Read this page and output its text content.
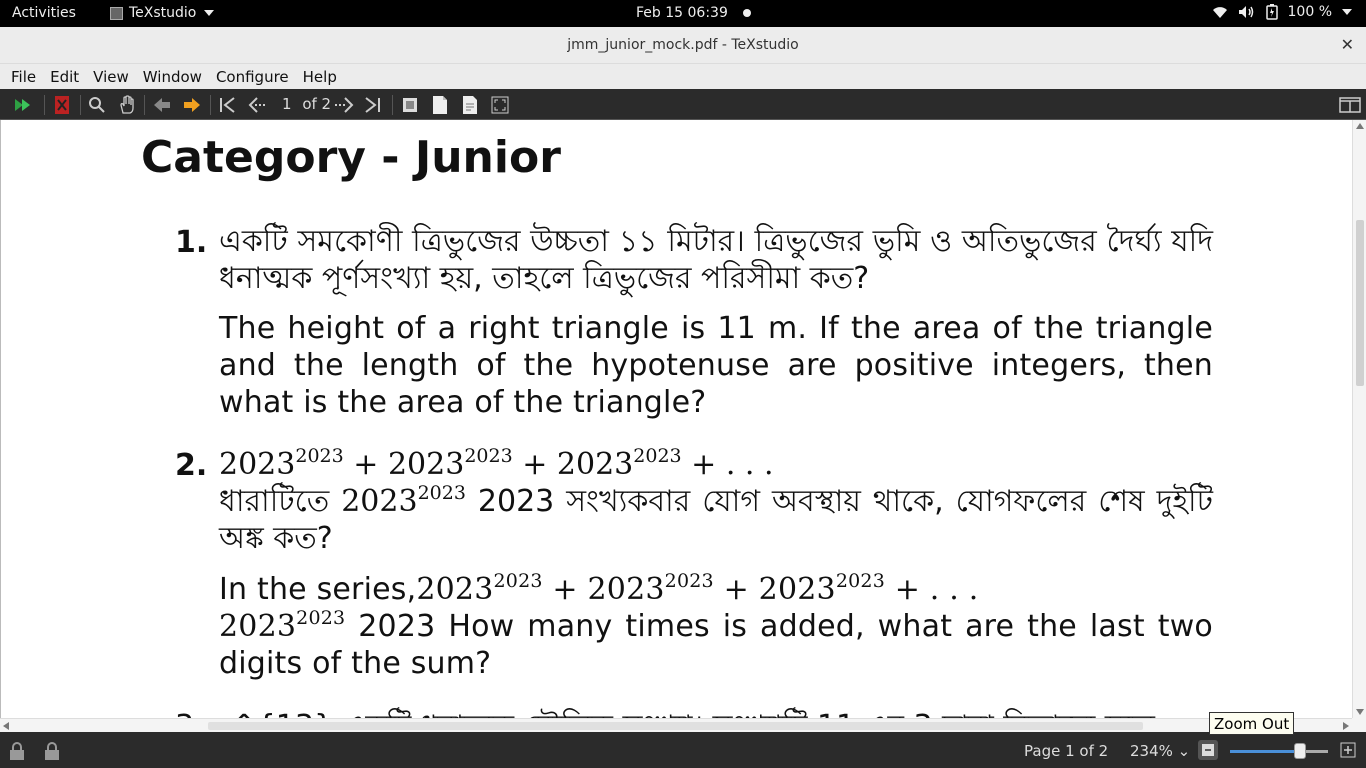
Activities	TeXstudio	Feb 15 06:39	100 %
jmm_junior_mock.pdf - TeXstudio	✕
File Edit View Window Configure Help
1 of 2
Category - Junior
1. একটি সমকোণী ত্রিভুজের উচ্চতা ১১ মিটার। ত্রিভুজের ভুমি ও অতিভুজের দৈর্ঘ্য যদি ধনাত্মক পূর্ণসংখ্যা হয়, তাহলে ত্রিভুজের পরিসীমা কত?
The height of a right triangle is 11 m. If the area of the triangle and the length of the hypotenuse are positive integers, then what is the area of the triangle?
2. $2023^{2023} + 2023^{2023} + 2023^{2023}$ + . . .
ধারাটিতে $2023^{2023}$ 2023 সংখ্যকবার যোগ অবস্থায় থাকে, যোগফলের শেষ দুইটি অঙ্ক কত?
In the $series,2023^{2023} + 2023^{2023} + 2023^{2023}$ + . . .
$2023^{2023}$ 2023 How many times is added, what are the last two digits of the sum?
Page 1 of 2 234% ⌄
Zoom Out
